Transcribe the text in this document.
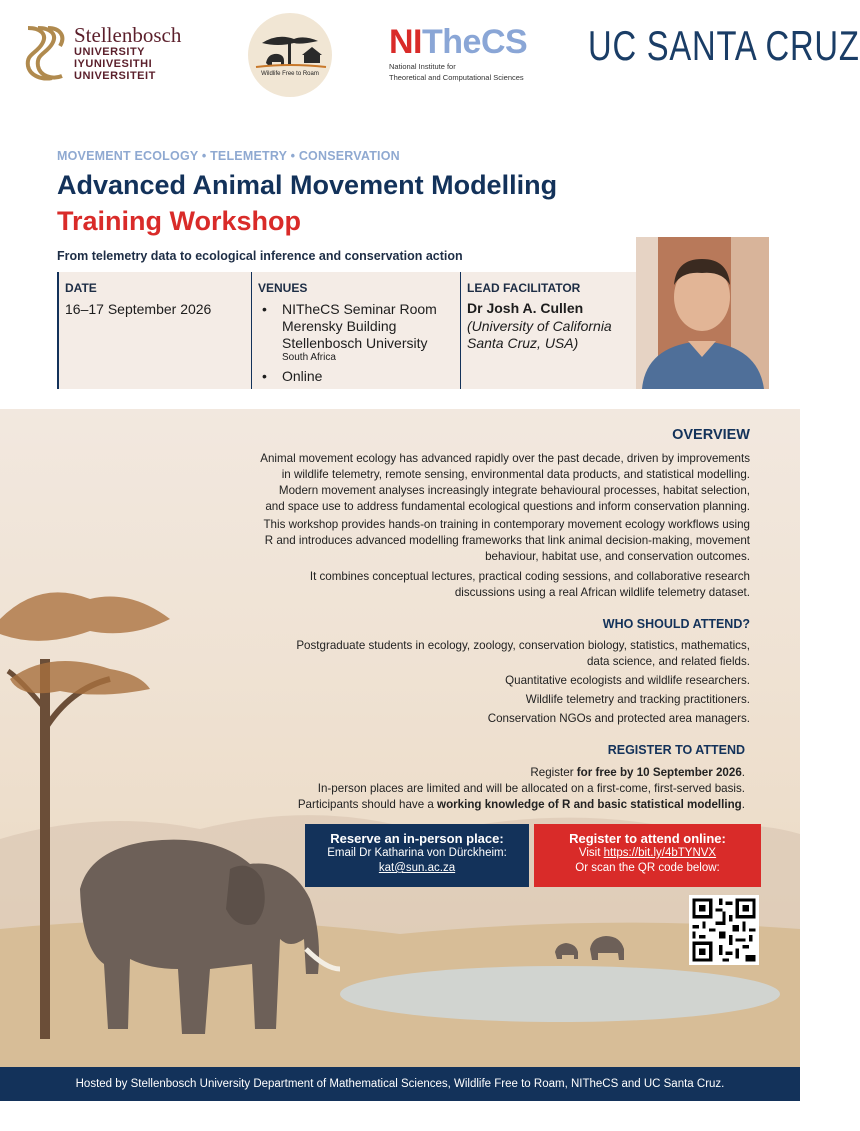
Stellenbosch
UNIVERSITY
IYUNIVESITHI
UNIVERSITEIT	Wildlife Free to Roam
NITheCS
National Institute for
Theoretical and Computational Sciences
UC SANTA CRUZ
MOVEMENT ECOLOGY • TELEMETRY • CONSERVATION
Advanced Animal Movement Modelling
Training Workshop
From telemetry data to ecological inference and conservation action
DATE
16–17 September 2026
VENUES
• NITheCS Seminar Room
Merensky Building
Stellenbosch University
South Africa
• Online
LEAD FACILITATOR
Dr Josh A. Cullen
(University of California
Santa Cruz, USA)
OVERVIEW
Animal movement ecology has advanced rapidly over the past decade, driven by improvements
in wildlife telemetry, remote sensing, environmental data products, and statistical modelling.
Modern movement analyses increasingly integrate behavioural processes, habitat selection,
and space use to address fundamental ecological questions and inform conservation planning.
This workshop provides hands-on training in contemporary movement ecology workflows using
R and introduces advanced modelling frameworks that link animal decision-making, movement
behaviour, habitat use, and conservation outcomes.
It combines conceptual lectures, practical coding sessions, and collaborative research
discussions using a real African wildlife telemetry dataset.
WHO SHOULD ATTEND?
Postgraduate students in ecology, zoology, conservation biology, statistics, mathematics,
data science, and related fields.
Quantitative ecologists and wildlife researchers.
Wildlife telemetry and tracking practitioners.
Conservation NGOs and protected area managers.
REGISTER TO ATTEND
Register for free by 10 September 2026.
In-person places are limited and will be allocated on a first-come, first-served basis.
Participants should have a working knowledge of R and basic statistical modelling.
Reserve an in-person place:
Email Dr Katharina von Dürckheim:
kat@sun.ac.za
Register to attend online:
Visit https://bit.ly/4bTYNVX
Or scan the QR code below:
Hosted by Stellenbosch University Department of Mathematical Sciences, Wildlife Free to Roam, NITheCS and UC Santa Cruz.
